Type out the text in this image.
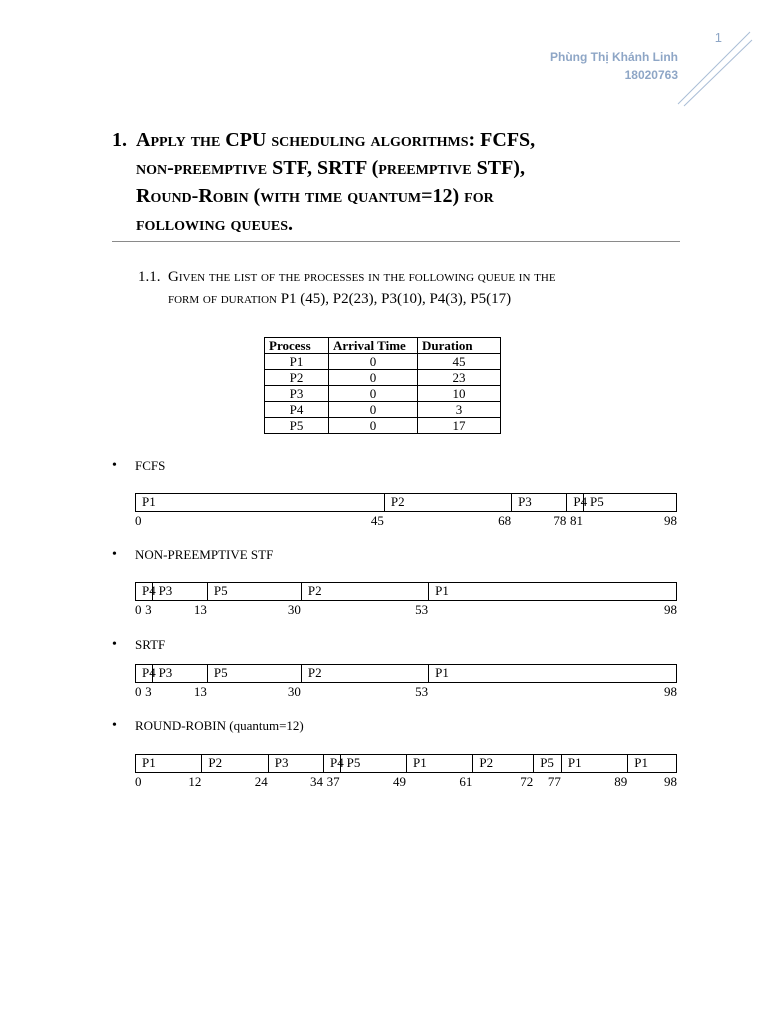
1
Phùng Thị Khánh Linh
18020763
1. Apply the CPU scheduling algorithms: FCFS,
non-preemptive STF, SRTF (preemptive STF),
Round-Robin (with time quantum=12) for
following queues.
1.1. Given the list of the processes in the following queue in the
form of duration P1 (45), P2(23), P3(10), P4(3), P5(17)
Process	Arrival Time	Duration
P1	0	45
P2	0	23
P3	0	10
P4	0	3
P5	0	17
• FCFS
P1	P2	P3	P4 P5
0	45	68	78 81	98
• NON-PREEMPTIVE STF
P4 P3	P5	P2	P1
0 3	13	30	53	98
• SRTF
P4 P3	P5	P2	P1
0 3	13	30	53	98
• ROUND-ROBIN (quantum=12)
P1	P2	P3	P4 P5	P1	P2	P5	P1	P1
0	12	24	34 37	49	61	72 77	89	98
